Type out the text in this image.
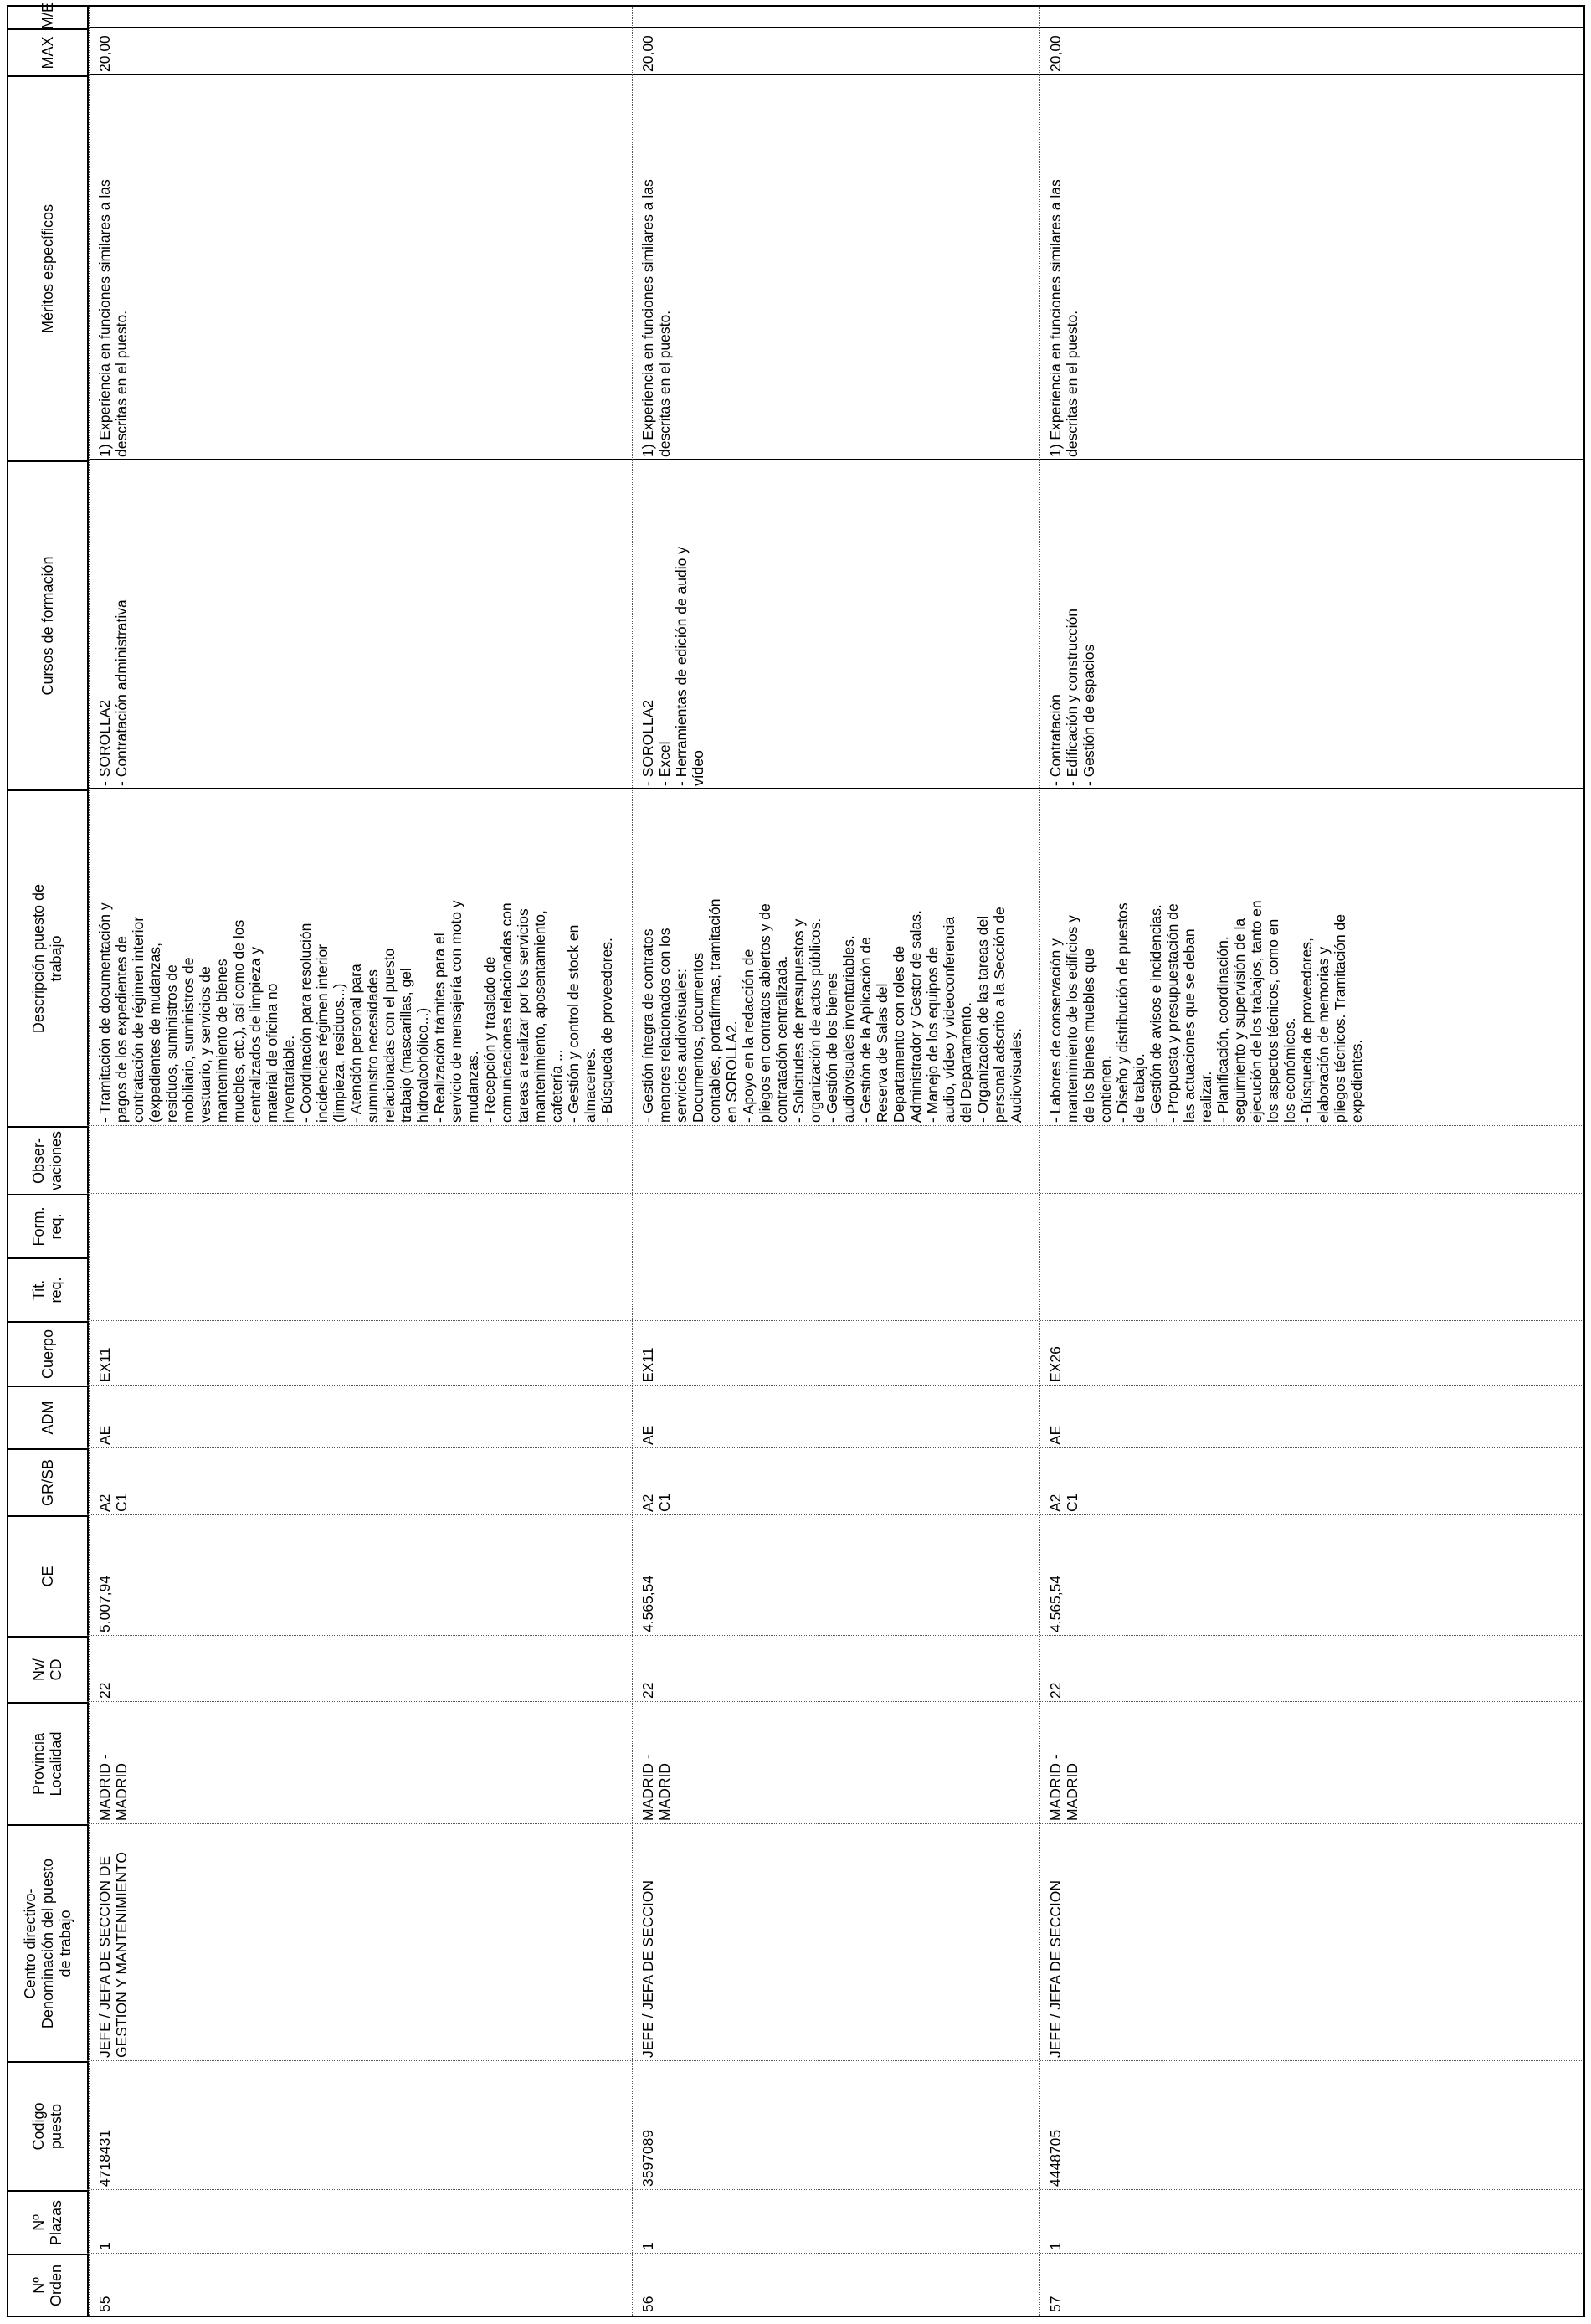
Nº
Orden
Nº
Plazas
Codigo
puesto
Centro directivo-
Denominación del puesto
de trabajo
Provincia
Localidad
Nv/
CD
CE
GR/SB
ADM
Cuerpo
Tit.
req.
Form.
req.
Obser-
vaciones
Descripción puesto de
trabajo
Cursos de formación
Méritos específicos
MAX
M/E
55
1
4718431
JEFE / JEFA DE SECCION DE GESTION Y MANTENIMIENTO
MADRID - MADRID
22
5.007,94
A2 C1
AE
EX11
- Tramitación de documentación y pagos de los expedientes de contratación de régimen interior (expedientes de mudanzas, residuos, suministros de mobiliario, suministros de vestuario, y servicios de mantenimiento de bienes muebles, etc.), así como de los centralizados de limpieza y material de oficina no inventariable. - Coordinación para resolución incidencias régimen interior (limpieza, residuos...) - Atención personal para suministro necesidades relacionadas con el puesto trabajo (mascarillas, gel hidroalcohólico...) - Realización trámites para el servicio de mensajería con moto y mudanzas. - Recepción y traslado de comunicaciones relacionadas con tareas a realizar por los servicios mantenimiento, aposentamiento, cafetería ... - Gestión y control de stock en almacenes. - Búsqueda de proveedores.
- SOROLLA2 - Contratación administrativa
1) Experiencia en funciones similares a las descritas en el puesto.
20,00
56
1
3597089
JEFE / JEFA DE SECCION
MADRID - MADRID
22
4.565,54
A2 C1
AE
EX11
- Gestión íntegra de contratos menores relacionados con los servicios audiovisuales: Documentos, documentos contables, portafirmas, tramitación en SOROLLA2. - Apoyo en la redacción de pliegos en contratos abiertos y de contratación centralizada. - Solicitudes de presupuestos y organización de actos públicos. - Gestión de los bienes audiovisuales inventariables. - Gestión de la Aplicación de Reserva de Salas del Departamento con roles de Administrador y Gestor de salas. - Manejo de los equipos de audio, vídeo y videoconferencia del Departamento. - Organización de las tareas del personal adscrito a la Sección de Audiovisuales.
- SOROLLA2 - Excel - Herramientas de edición de audio y vídeo
1) Experiencia en funciones similares a las descritas en el puesto.
20,00
57
1
4448705
JEFE / JEFA DE SECCION
MADRID - MADRID
22
4.565,54
A2 C1
AE
EX26
- Labores de conservación y mantenimiento de los edificios y de los bienes muebles que contienen. - Diseño y distribución de puestos de trabajo. - Gestión de avisos e incidencias. - Propuesta y presupuestación de las actuaciones que se deban realizar. - Planificación, coordinación, seguimiento y supervisión de la ejecución de los trabajos, tanto en los aspectos técnicos, como en los económicos. - Búsqueda de proveedores, elaboración de memorias y pliegos técnicos. Tramitación de expedientes.
- Contratación - Edificación y construcción - Gestión de espacios
1) Experiencia en funciones similares a las descritas en el puesto.
20,00
